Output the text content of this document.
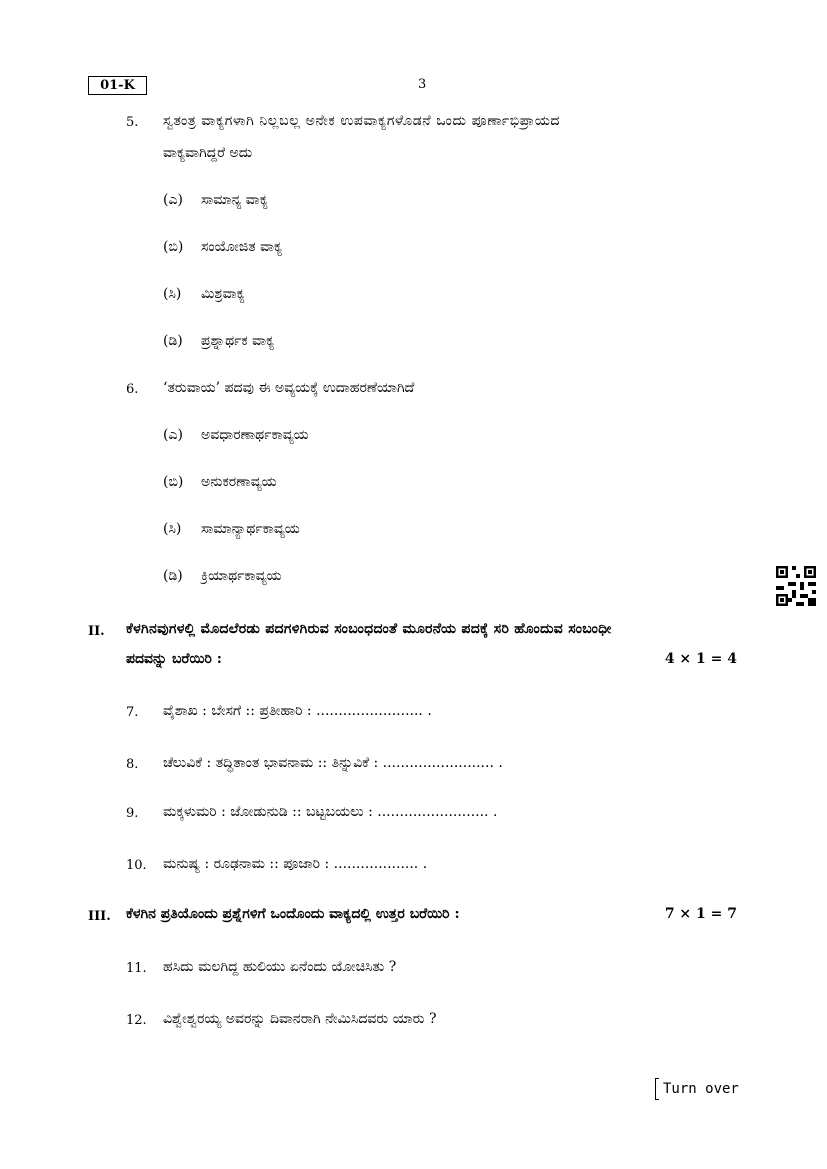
01-K	3
5. ಸ್ವತಂತ್ರ ವಾಕ್ಯಗಳಾಗಿ ನಿಲ್ಲಬಲ್ಲ ಅನೇಕ ಉಪವಾಕ್ಯಗಳೊಡನೆ ಒಂದು ಪೂರ್ಣಾಭಿಪ್ರಾಯದ
ವಾಕ್ಯವಾಗಿದ್ದರೆ ಅದು
(ಎ) ಸಾಮಾನ್ಯ ವಾಕ್ಯ
(ಬಿ) ಸಂಯೋಜಿತ ವಾಕ್ಯ
(ಸಿ) ಮಿಶ್ರವಾಕ್ಯ
(ಡಿ) ಪ್ರಶ್ನಾರ್ಥಕ ವಾಕ್ಯ
6. ‘ತರುವಾಯ’ ಪದವು ಈ ಅವ್ಯಯಕ್ಕೆ ಉದಾಹರಣೆಯಾಗಿದೆ
(ಎ) ಅವಧಾರಣಾರ್ಥಕಾವ್ಯಯ
(ಬಿ) ಅನುಕರಣಾವ್ಯಯ
(ಸಿ) ಸಾಮಾನ್ಯಾರ್ಥಕಾವ್ಯಯ
(ಡಿ) ಕ್ರಿಯಾರ್ಥಕಾವ್ಯಯ
II. ಕೆಳಗಿನವುಗಳಲ್ಲಿ ಮೊದಲೆರಡು ಪದಗಳಿಗಿರುವ ಸಂಬಂಧದಂತೆ ಮೂರನೆಯ ಪದಕ್ಕೆ ಸರಿ ಹೊಂದುವ ಸಂಬಂಧೀ
ಪದವನ್ನು ಬರೆಯಿರಿ :	4 × 1 = 4
7. ವೈಶಾಖ : ಬೇಸಗೆ :: ಪ್ರತೀಹಾರಿ : ........................ .
8. ಚೆಲುವಿಕೆ : ತದ್ಧಿತಾಂತ ಭಾವನಾಮ :: ತಿನ್ನುವಿಕೆ : ......................... .
9. ಮಕ್ಕಳುಮರಿ : ಜೋಡುನುಡಿ :: ಬಟ್ಟಬಯಲು : ......................... .
10. ಮನುಷ್ಯ : ರೂಢನಾಮ :: ಪೂಜಾರಿ : ................... .
III. ಕೆಳಗಿನ ಪ್ರತಿಯೊಂದು ಪ್ರಶ್ನೆಗಳಿಗೆ ಒಂದೊಂದು ವಾಕ್ಯದಲ್ಲಿ ಉತ್ತರ ಬರೆಯಿರಿ :	7 × 1 = 7
11. ಹಸಿದು ಮಲಗಿದ್ದ ಹುಲಿಯು ಏನೆಂದು ಯೋಚಿಸಿತು ?
12. ವಿಶ್ವೇಶ್ವರಯ್ಯ ಅವರನ್ನು ದಿವಾನರಾಗಿ ನೇಮಿಸಿದವರು ಯಾರು ?
Turn over
